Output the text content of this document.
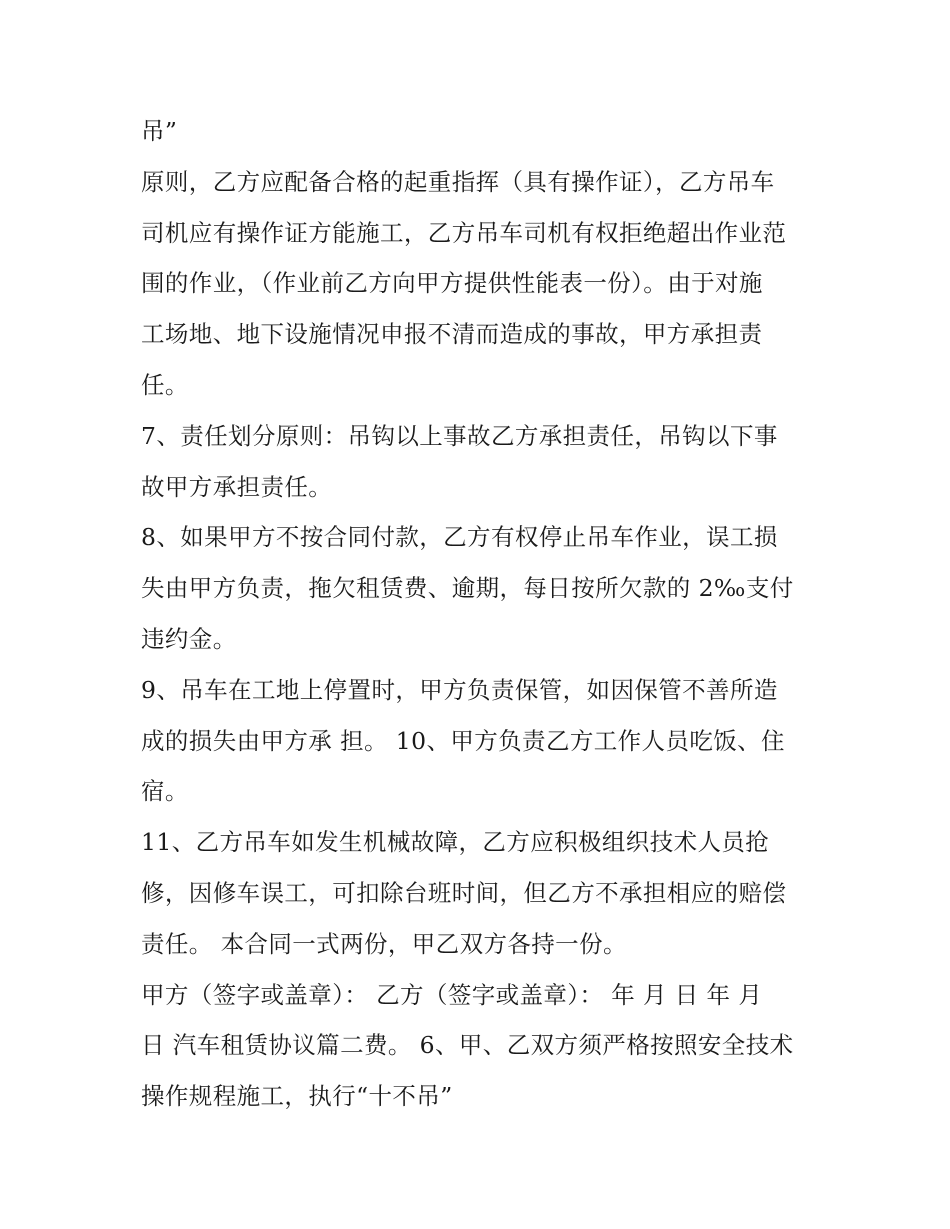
吊”
原则，乙方应配备合格的起重指挥（具有操作证），乙方吊车
司机应有操作证方能施工，乙方吊车司机有权拒绝超出作业范
围的作业，（作业前乙方向甲方提供性能表一份）。由于对施
工场地、地下设施情况申报不清而造成的事故，甲方承担责
任。
7、责任划分原则：吊钩以上事故乙方承担责任，吊钩以下事
故甲方承担责任。
8、如果甲方不按合同付款，乙方有权停止吊车作业，误工损
失由甲方负责，拖欠租赁费、逾期，每日按所欠款的 2‰支付
违约金。
9、吊车在工地上停置时，甲方负责保管，如因保管不善所造
成的损失由甲方承 担。 10、甲方负责乙方工作人员吃饭、住
宿。
11、乙方吊车如发生机械故障，乙方应积极组织技术人员抢
修，因修车误工，可扣除台班时间，但乙方不承担相应的赔偿
责任。 本合同一式两份，甲乙双方各持一份。
甲方（签字或盖章）： 乙方（签字或盖章）： 年 月 日 年 月
日 汽车租赁协议篇二费。 6、甲、乙双方须严格按照安全技术
操作规程施工，执行“十不吊”
